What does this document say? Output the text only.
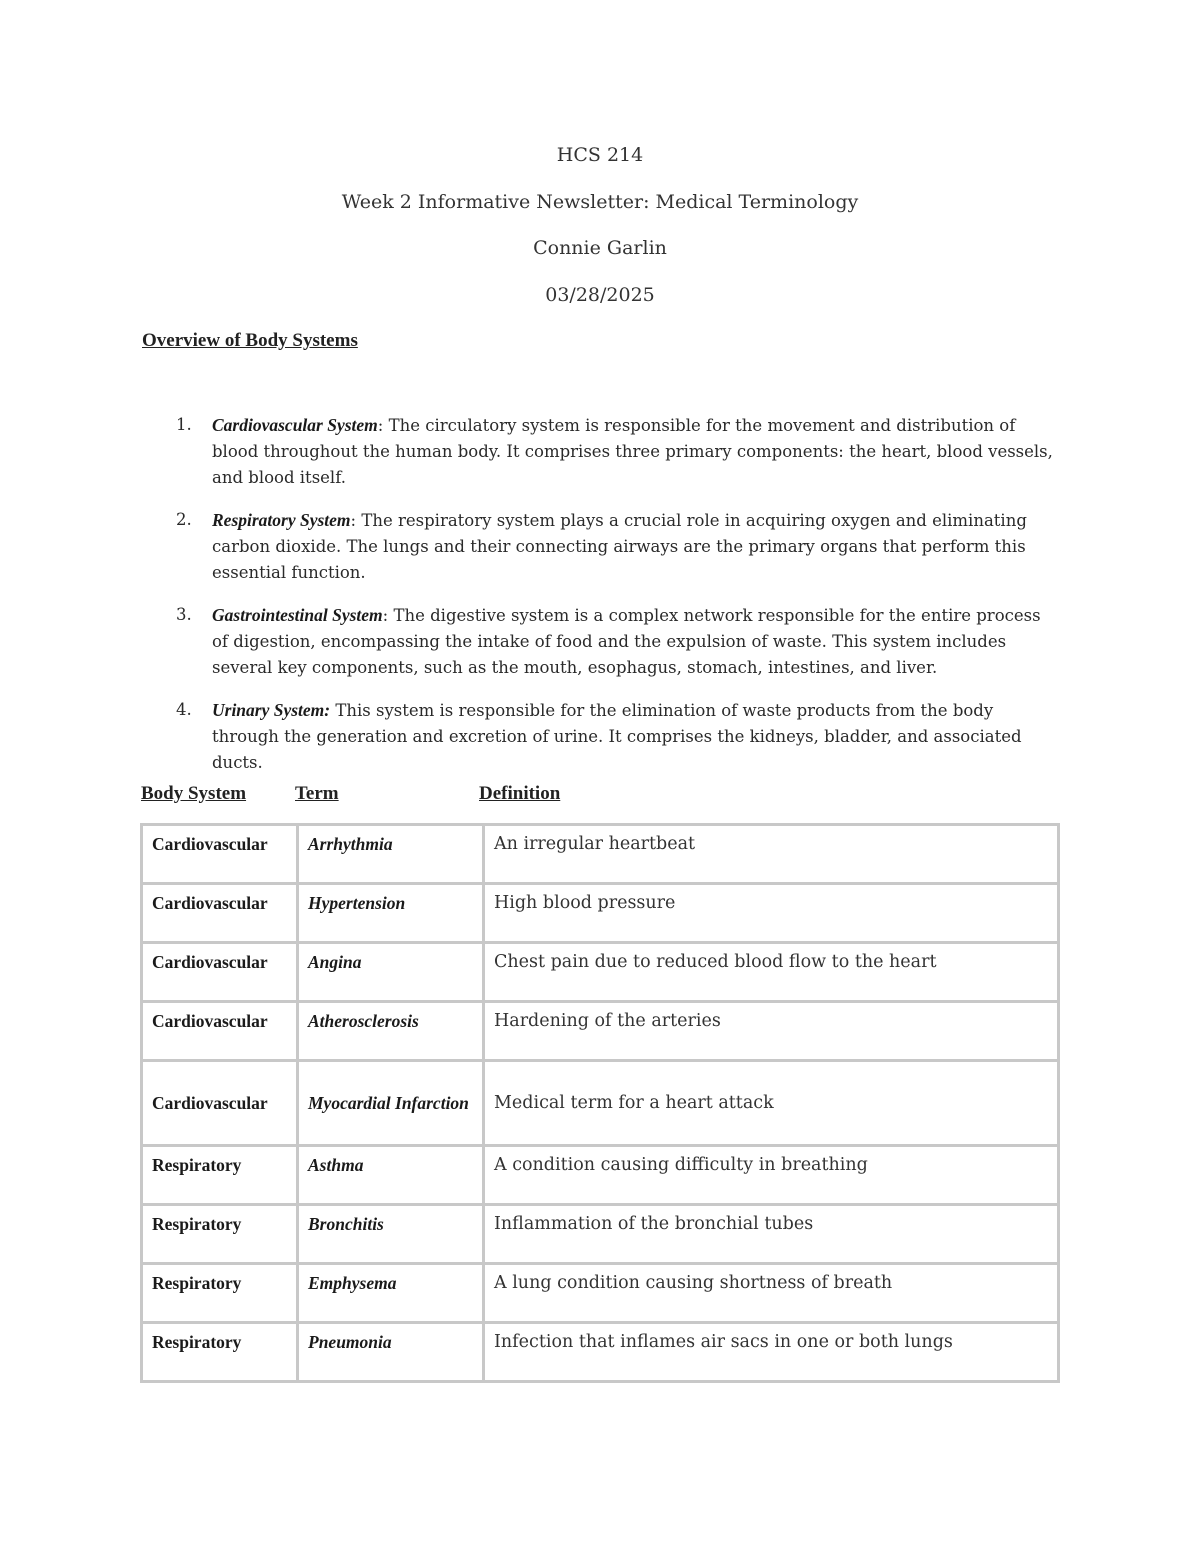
HCS 214
Week 2 Informative Newsletter: Medical Terminology
Connie Garlin
03/28/2025
Overview of Body Systems
1. Cardiovascular System: The circulatory system is responsible for the movement and distribution of blood throughout the human body. It comprises three primary components: the heart, blood vessels, and blood itself.
2. Respiratory System: The respiratory system plays a crucial role in acquiring oxygen and eliminating carbon dioxide. The lungs and their connecting airways are the primary organs that perform this essential function.
3. Gastrointestinal System: The digestive system is a complex network responsible for the entire process of digestion, encompassing the intake of food and the expulsion of waste. This system includes several key components, such as the mouth, esophagus, stomach, intestines, and liver.
4. Urinary System: This system is responsible for the elimination of waste products from the body through the generation and excretion of urine. It comprises the kidneys, bladder, and associated ducts.
Body System	Term	Definition
Cardiovascular	Arrhythmia	An irregular heartbeat

Cardiovascular	Hypertension	High blood pressure

Cardiovascular	Angina	Chest pain due to reduced blood flow to the heart

Cardiovascular	Atherosclerosis	Hardening of the arteries

Cardiovascular	Myocardial Infarction	Medical term for a heart attack

Respiratory	Asthma	A condition causing difficulty in breathing

Respiratory	Bronchitis	Inflammation of the bronchial tubes

Respiratory	Emphysema	A lung condition causing shortness of breath

Respiratory	Pneumonia	Infection that inflames air sacs in one or both lungs
